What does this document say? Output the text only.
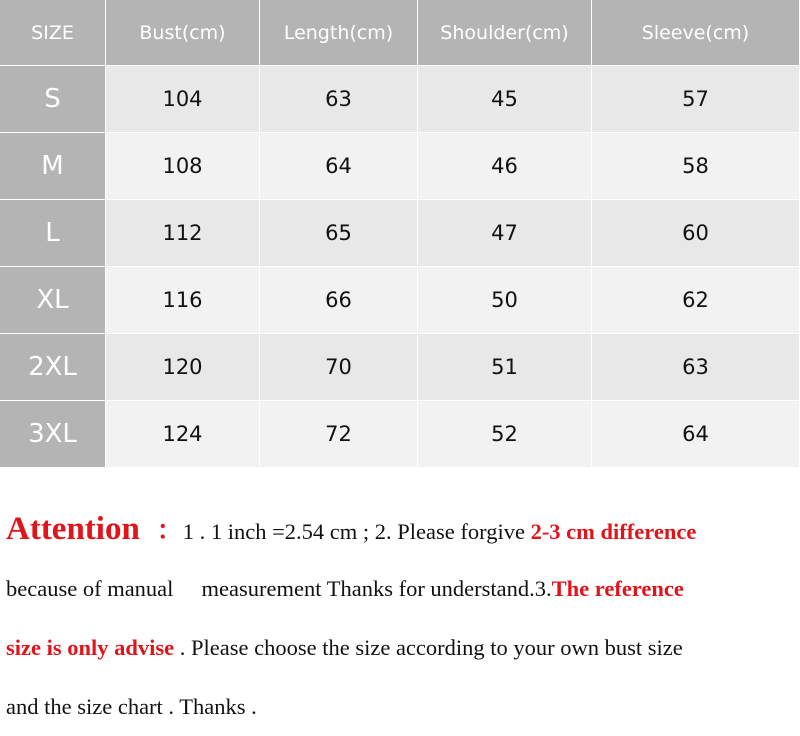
SIZE	Bust(cm)	Length(cm)	Shoulder(cm)	Sleeve(cm)
S	104	63	45	57
M	108	64	46	58
L	112	65	47	60
XL	116	66	50	62
2XL	120	70	51	63
3XL	124	72	52	64
Attention ：1 . 1 inch =2.54 cm ; 2. Please forgive 2-3 cm difference
because of manual     measurement Thanks for understand.3.The reference
size is only advise . Please choose the size according to your own bust size
and the size chart . Thanks .
